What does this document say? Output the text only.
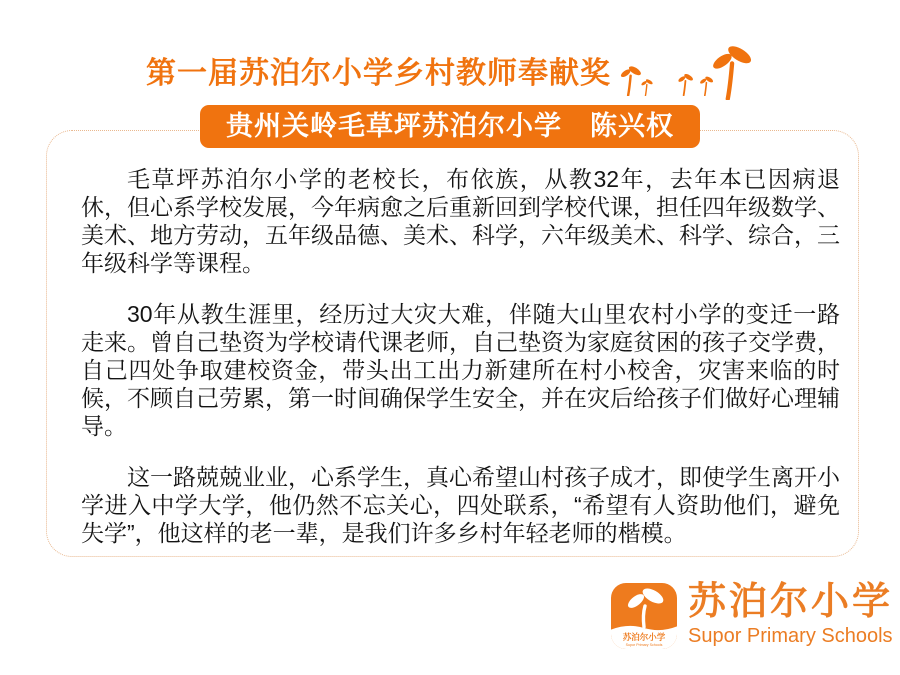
第一届苏泊尔小学乡村教师奉献奖
贵州关岭毛草坪苏泊尔小学　陈兴权

毛草坪苏泊尔小学的老校长，布依族，从教32年，去年本已因病退休，但心系学校发展，今年病愈之后重新回到学校代课，担任四年级数学、美术、地方劳动，五年级品德、美术、科学，六年级美术、科学、综合，三年级科学等课程。

30年从教生涯里，经历过大灾大难，伴随大山里农村小学的变迁一路走来。曾自己垫资为学校请代课老师，自己垫资为家庭贫困的孩子交学费，自己四处争取建校资金，带头出工出力新建所在村小校舍，灾害来临的时候，不顾自己劳累，第一时间确保学生安全，并在灾后给孩子们做好心理辅导。

这一路兢兢业业，心系学生，真心希望山村孩子成才，即使学生离开小学进入中学大学，他仍然不忘关心，四处联系，“希望有人资助他们，避免失学”，他这样的老一辈，是我们许多乡村年轻老师的楷模。

苏泊尔小学
Supor Primary Schools
苏泊尔小学
Supor Primary Schools
